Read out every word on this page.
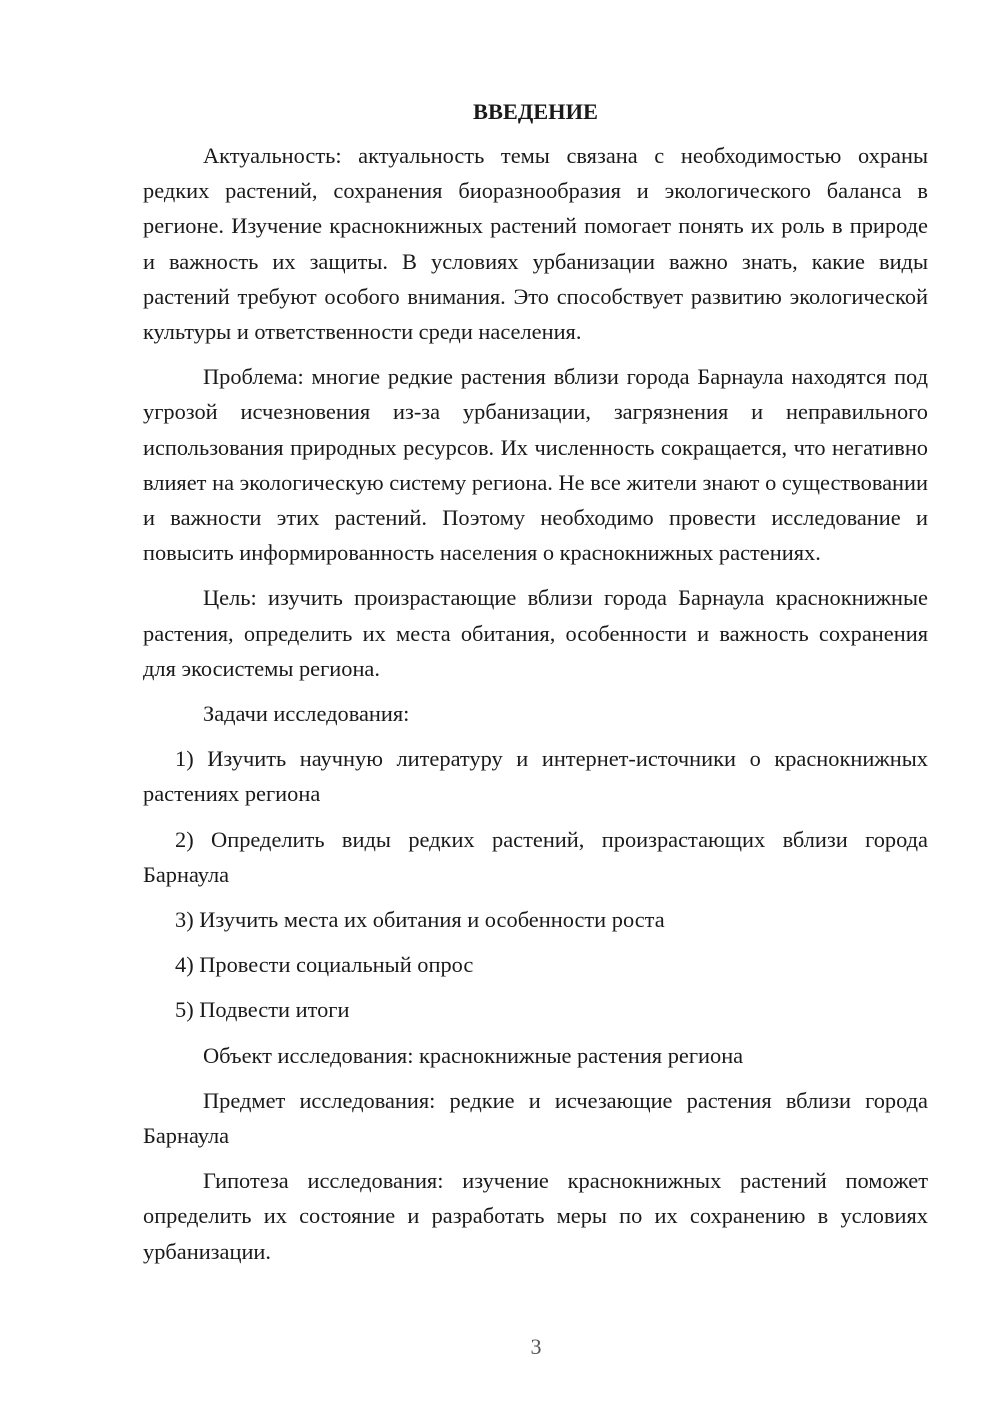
ВВЕДЕНИЕ

Актуальность: актуальность темы связана с необходимостью охраны редких растений, сохранения биоразнообразия и экологического баланса в регионе. Изучение краснокнижных растений помогает понять их роль в природе и важность их защиты. В условиях урбанизации важно знать, какие виды растений требуют особого внимания. Это способствует развитию экологической культуры и ответственности среди населения.

Проблема: многие редкие растения вблизи города Барнаула находятся под угрозой исчезновения из-за урбанизации, загрязнения и неправильного использования природных ресурсов. Их численность сокращается, что негативно влияет на экологическую систему региона. Не все жители знают о существовании и важности этих растений. Поэтому необходимо провести исследование и повысить информированность населения о краснокнижных растениях.

Цель: изучить произрастающие вблизи города Барнаула краснокнижные растения, определить их места обитания, особенности и важность сохранения для экосистемы региона.

Задачи исследования:

1) Изучить научную литературу и интернет-источники о краснокнижных растениях региона

2) Определить виды редких растений, произрастающих вблизи города Барнаула

3) Изучить места их обитания и особенности роста

4) Провести социальный опрос

5) Подвести итоги

Объект исследования: краснокнижные растения региона

Предмет исследования: редкие и исчезающие растения вблизи города Барнаула

Гипотеза исследования: изучение краснокнижных растений поможет определить их состояние и разработать меры по их сохранению в условиях урбанизации.

3
